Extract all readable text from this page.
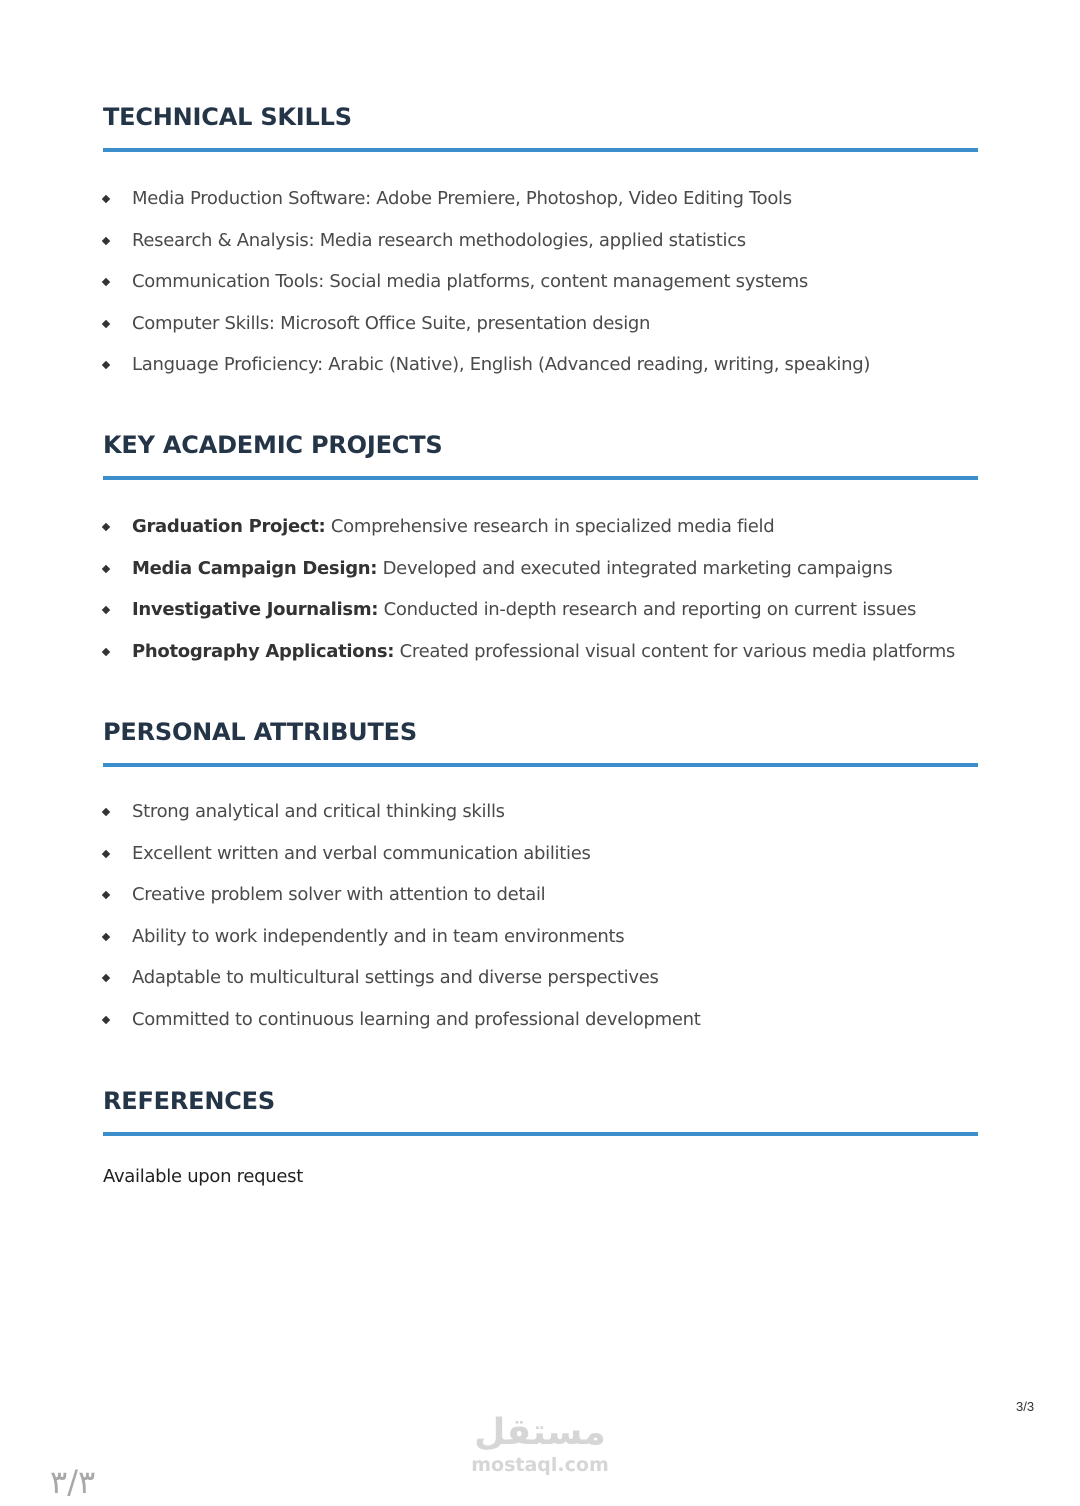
TECHNICAL SKILLS
Media Production Software: Adobe Premiere, Photoshop, Video Editing Tools
Research & Analysis: Media research methodologies, applied statistics
Communication Tools: Social media platforms, content management systems
Computer Skills: Microsoft Office Suite, presentation design
Language Proficiency: Arabic (Native), English (Advanced reading, writing, speaking)
KEY ACADEMIC PROJECTS
Graduation Project: Comprehensive research in specialized media field
Media Campaign Design: Developed and executed integrated marketing campaigns
Investigative Journalism: Conducted in-depth research and reporting on current issues
Photography Applications: Created professional visual content for various media platforms
PERSONAL ATTRIBUTES
Strong analytical and critical thinking skills
Excellent written and verbal communication abilities
Creative problem solver with attention to detail
Ability to work independently and in team environments
Adaptable to multicultural settings and diverse perspectives
Committed to continuous learning and professional development
REFERENCES
Available upon request
3/3
مستقل
mostaql.com
٣/٣
